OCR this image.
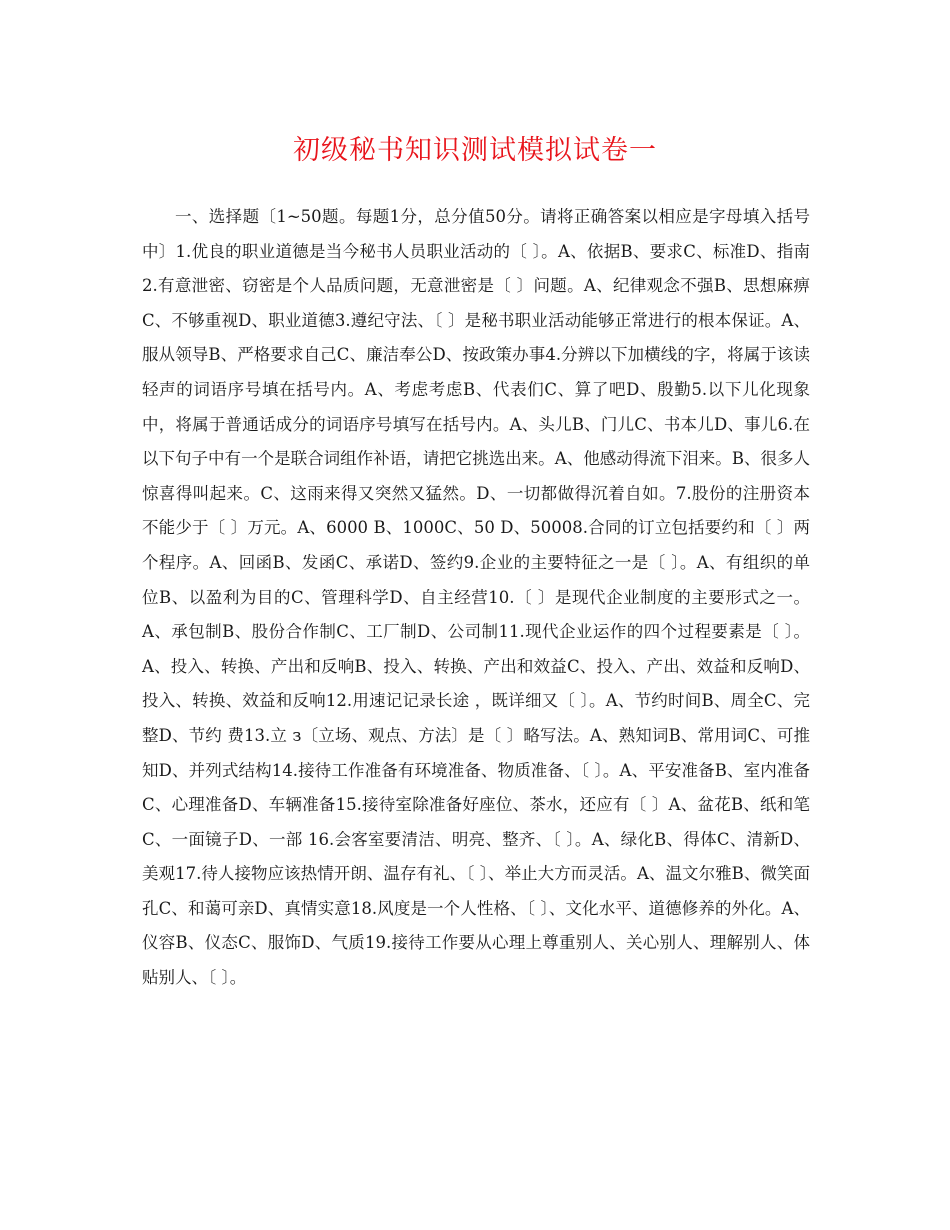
初级秘书知识测试模拟试卷一
一、选择题〔1~50题。每题1分，总分值50分。请将正确答案以相应是字母填入括号中〕1.优良的职业道德是当今秘书人员职业活动的〔 〕。A、依据B、要求C、标准D、指南2.有意泄密、窃密是个人品质问题，无意泄密是〔 〕问题。A、纪律观念不强B、思想麻痹C、不够重视D、职业道德3.遵纪守法、〔 〕是秘书职业活动能够正常进行的根本保证。A、服从领导B、严格要求自己C、廉洁奉公D、按政策办事4.分辨以下加横线的字，将属于该读轻声的词语序号填在括号内。A、考虑考虑B、代表们C、算了吧D、殷勤5.以下儿化现象中，将属于普通话成分的词语序号填写在括号内。A、头儿B、门儿C、书本儿D、事儿6.在以下句子中有一个是联合词组作补语，请把它挑选出来。A、他感动得流下泪来。B、很多人惊喜得叫起来。C、这雨来得又突然又猛然。D、一切都做得沉着自如。7.股份的注册资本不能少于〔 〕万元。A、6000 B、1000C、50 D、50008.合同的订立包括要约和〔 〕两个程序。A、回函B、发函C、承诺D、签约9.企业的主要特征之一是〔 〕。A、有组织的单位B、以盈利为目的C、管理科学D、自主经营10.〔 〕是现代企业制度的主要形式之一。A、承包制B、股份合作制C、工厂制D、公司制11.现代企业运作的四个过程要素是〔 〕。A、投入、转换、产出和反响B、投入、转换、产出和效益C、投入、产出、效益和反响D、投入、转换、效益和反响12.用速记记录长途 ，既详细又〔 〕。A、节约时间B、周全C、完整D、节约 费13.立 з〔立场、观点、方法〕是〔 〕略写法。A、熟知词B、常用词C、可推知D、并列式结构14.接待工作准备有环境准备、物质准备、〔 〕。A、平安准备B、室内准备C、心理准备D、车辆准备15.接待室除准备好座位、茶水，还应有〔 〕A、盆花B、纸和笔C、一面镜子D、一部 16.会客室要清洁、明亮、整齐、〔 〕。A、绿化B、得体C、清新D、美观17.待人接物应该热情开朗、温存有礼、〔 〕、举止大方而灵活。A、温文尔雅B、微笑面孔C、和蔼可亲D、真情实意18.风度是一个人性格、〔 〕、文化水平、道德修养的外化。A、仪容B、仪态C、服饰D、气质19.接待工作要从心理上尊重别人、关心别人、理解别人、体贴别人、〔 〕。
